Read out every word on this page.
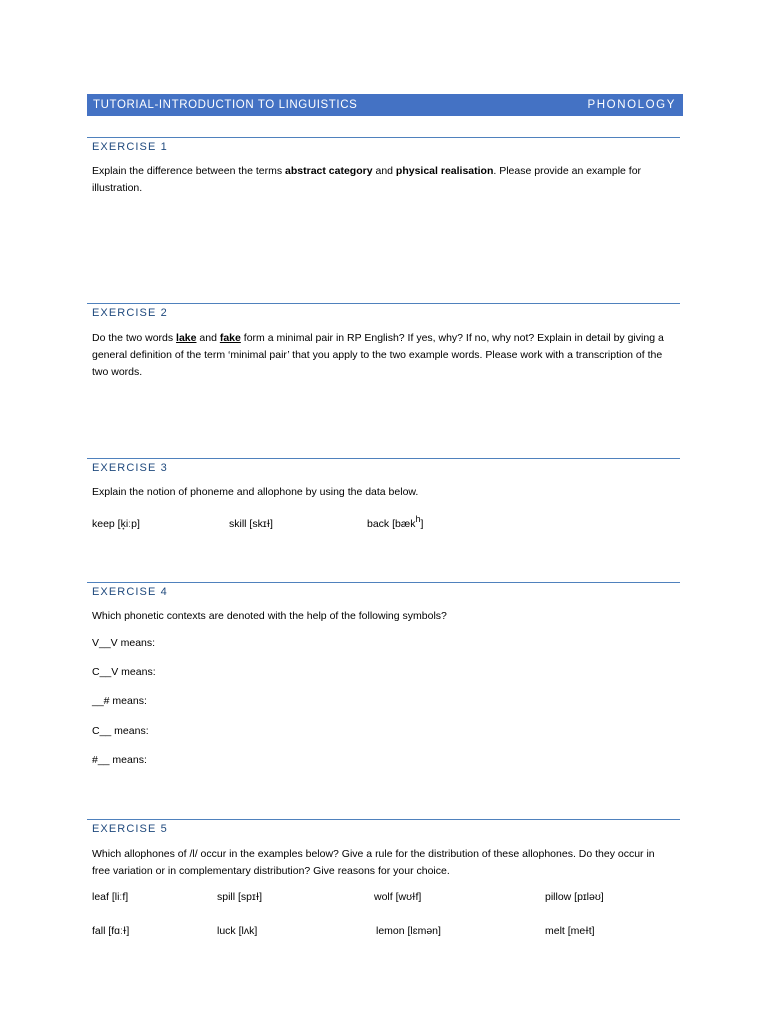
TUTORIAL-INTRODUCTION TO LINGUISTICS	PHONOLOGY
EXERCISE 1
Explain the difference between the terms abstract category and physical realisation. Please provide an example for illustration.
EXERCISE 2
Do the two words lake and fake form a minimal pair in RP English? If yes, why? If no, why not? Explain in detail by giving a general definition of the term ‘minimal pair’ that you apply to the two example words. Please work with a transcription of the two words.
EXERCISE 3
Explain the notion of phoneme and allophone by using the data below.
keep [k̟iːp]	skill [skɪɫ]	back [bækh]
EXERCISE 4
Which phonetic contexts are denoted with the help of the following symbols?
V__V means:
C__V means:
__# means:
C__ means:
#__ means:
EXERCISE 5
Which allophones of /l/ occur in the examples below? Give a rule for the distribution of these allophones. Do they occur in free variation or in complementary distribution? Give reasons for your choice.
leaf [liːf]	spill [spɪɫ]	wolf [wʊɫf]	pillow [pɪləʊ]
fall [fɑːɫ]	luck [lʌk]	lemon [lɛmən]	melt [meɫt]
